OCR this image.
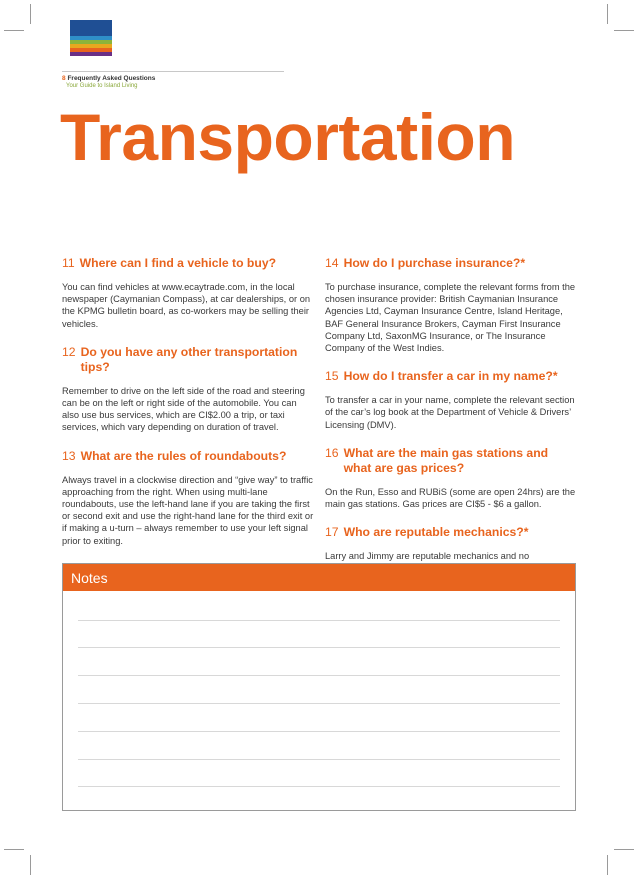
8 Frequently Asked Questions
Your Guide to Island Living
Transportation
11 Where can I find a vehicle to buy?

You can find vehicles at www.ecaytrade.com, in the local newspaper (Caymanian Compass), at car dealerships, or on the KPMG bulletin board, as co-workers may be selling their vehicles.

12 Do you have any other transportation tips?

Remember to drive on the left side of the road and steering can be on the left or right side of the automobile. You can also use bus services, which are CI$2.00 a trip, or taxi services, which vary depending on duration of travel.

13 What are the rules of roundabouts?

Always travel in a clockwise direction and “give way” to traffic approaching from the right. When using multi-lane roundabouts, use the left-hand lane if you are taking the first or second exit and use the right-hand lane for the third exit or if making a u-turn – always remember to use your left signal prior to exiting.

14 How do I purchase insurance?*

To purchase insurance, complete the relevant forms from the chosen insurance provider: British Caymanian Insurance Agencies Ltd, Cayman Insurance Centre, Island Heritage, BAF General Insurance Brokers, Cayman First Insurance Company Ltd, SaxonMG Insurance, or The Insurance Company of the West Indies.

15 How do I transfer a car in my name?*

To transfer a car in your name, complete the relevant section of the car’s log book at the Department of Vehicle & Drivers’ Licensing (DMV).

16 What are the main gas stations and what are gas prices?

On the Run, Esso and RUBiS (some are open 24hrs) are the main gas stations. Gas prices are CI$5 - $6 a gallon.

17 Who are reputable mechanics?*

Larry and Jimmy are reputable mechanics and no

Notes
